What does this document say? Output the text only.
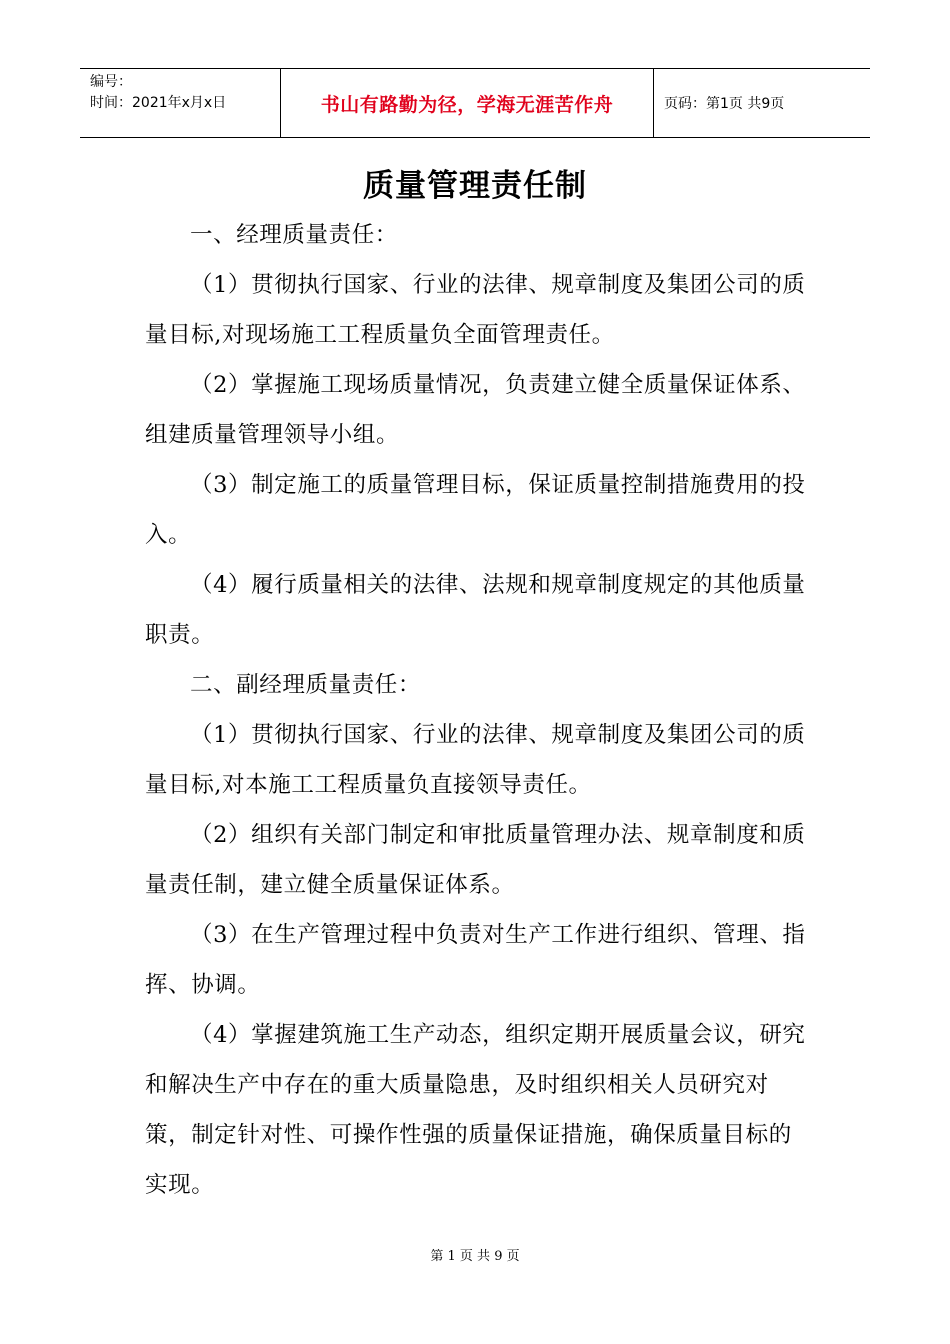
编号：
时间：2021年x月x日	书山有路勤为径，学海无涯苦作舟	页码：第1页 共9页
质量管理责任制

一、经理质量责任：

（1）贯彻执行国家、行业的法律、规章制度及集团公司的质量目标,对现场施工工程质量负全面管理责任。

（2）掌握施工现场质量情况，负责建立健全质量保证体系、组建质量管理领导小组。

（3）制定施工的质量管理目标，保证质量控制措施费用的投入。

（4）履行质量相关的法律、法规和规章制度规定的其他质量职责。

二、副经理质量责任：

（1）贯彻执行国家、行业的法律、规章制度及集团公司的质量目标,对本施工工程质量负直接领导责任。

（2）组织有关部门制定和审批质量管理办法、规章制度和质量责任制，建立健全质量保证体系。

（3）在生产管理过程中负责对生产工作进行组织、管理、指挥、协调。

（4）掌握建筑施工生产动态，组织定期开展质量会议，研究和解决生产中存在的重大质量隐患，及时组织相关人员研究对策，制定针对性、可操作性强的质量保证措施，确保质量目标的实现。

第 1 页 共 9 页
